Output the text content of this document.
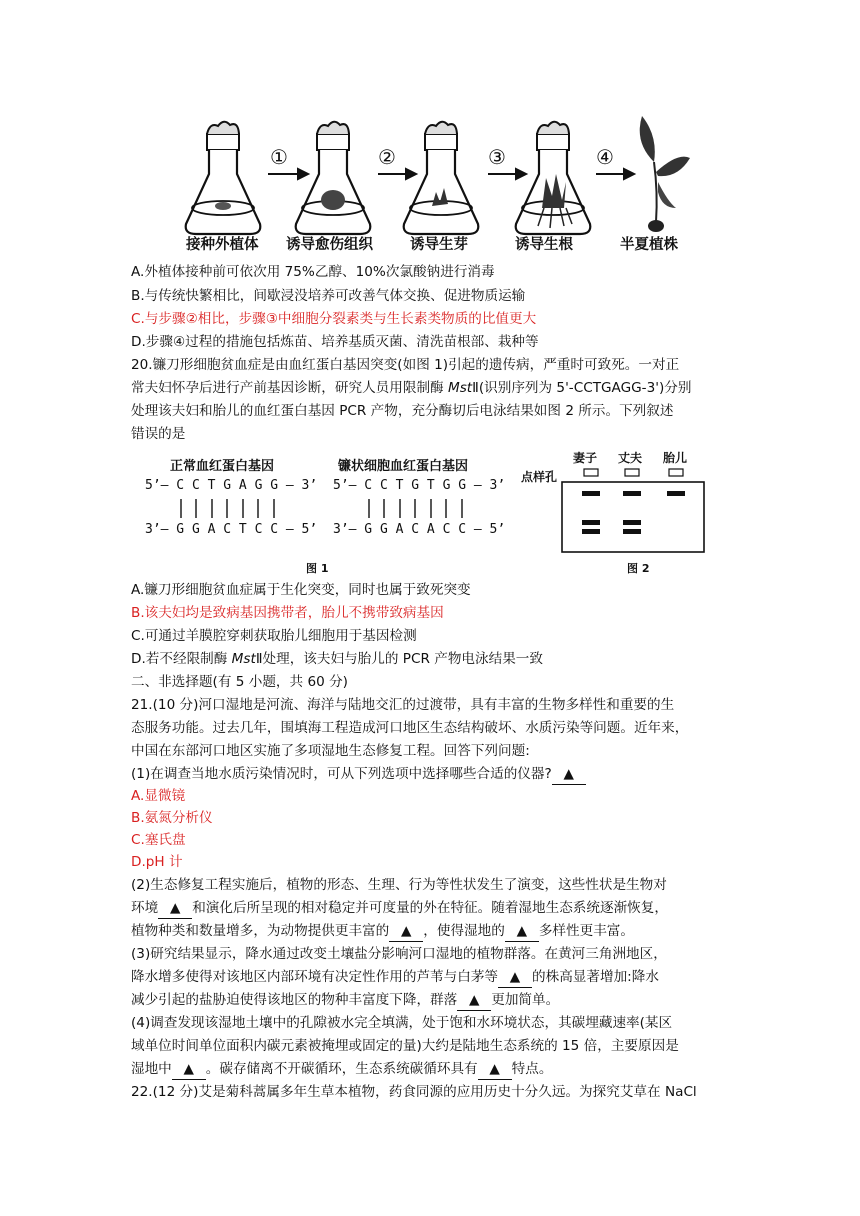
①	②	③	④
接种外植体 诱导愈伤组织	诱导生芽	诱导生根	半夏植株
A.外植体接种前可依次用 75%乙醇、10%次氯酸钠进行消毒
B.与传统快繁相比，间歇浸没培养可改善气体交换、促进物质运输
C.与步骤②相比，步骤③中细胞分裂素类与生长素类物质的比值更大
D.步骤④过程的措施包括炼苗、培养基质灭菌、清洗苗根部、栽种等
20.镰刀形细胞贫血症是由血红蛋白基因突变(如图 1)引起的遗传病，严重时可致死。一对正
常夫妇怀孕后进行产前基因诊断，研究人员用限制酶 MstⅡ(识别序列为 5'-CCTGAGG-3')分别
处理该夫妇和胎儿的血红蛋白基因 PCR 产物，充分酶切后电泳结果如图 2 所示。下列叙述
错误的是
正常血红蛋白基因	镰状细胞血红蛋白基因
5’— C C T G A G G — 3’
3’— G G A C T C C — 5’
5’— C C T G T G G — 3’
3’— G G A C A C C — 5’
图 1
妻子 丈夫 胎儿
点样孔
图 2
A.镰刀形细胞贫血症属于生化突变，同时也属于致死突变
B.该夫妇均是致病基因携带者，胎儿不携带致病基因
C.可通过羊膜腔穿刺获取胎儿细胞用于基因检测
D.若不经限制酶 MstⅡ处理，该夫妇与胎儿的 PCR 产物电泳结果一致
二、非选择题(有 5 小题，共 60 分)
21.(10 分)河口湿地是河流、海洋与陆地交汇的过渡带，具有丰富的生物多样性和重要的生
态服务功能。过去几年，围填海工程造成河口地区生态结构破坏、水质污染等问题。近年来，
中国在东部河口地区实施了多项湿地生态修复工程。回答下列问题:
(1)在调查当地水质污染情况时，可从下列选项中选择哪些合适的仪器? ▲
A.显微镜
B.氨氮分析仪
C.塞氏盘
D.pH 计
(2)生态修复工程实施后，植物的形态、生理、行为等性状发生了演变，这些性状是生物对
环境 ▲ 和演化后所呈现的相对稳定并可度量的外在特征。随着湿地生态系统逐渐恢复，
植物种类和数量增多，为动物提供更丰富的 ▲ ，使得湿地的 ▲ 多样性更丰富。
(3)研究结果显示，降水通过改变土壤盐分影响河口湿地的植物群落。在黄河三角洲地区，
降水增多使得对该地区内部环境有决定性作用的芦苇与白茅等 ▲ 的株高显著增加:降水
减少引起的盐胁迫使得该地区的物种丰富度下降，群落 ▲ 更加简单。
(4)调查发现该湿地土壤中的孔隙被水完全填满，处于饱和水环境状态，其碳埋藏速率(某区
域单位时间单位面积内碳元素被掩埋或固定的量)大约是陆地生态系统的 15 倍，主要原因是
湿地中 ▲ 。碳存储离不开碳循环，生态系统碳循环具有 ▲ 特点。
22.(12 分)艾是菊科蒿属多年生草本植物，药食同源的应用历史十分久远。为探究艾草在 NaCl
